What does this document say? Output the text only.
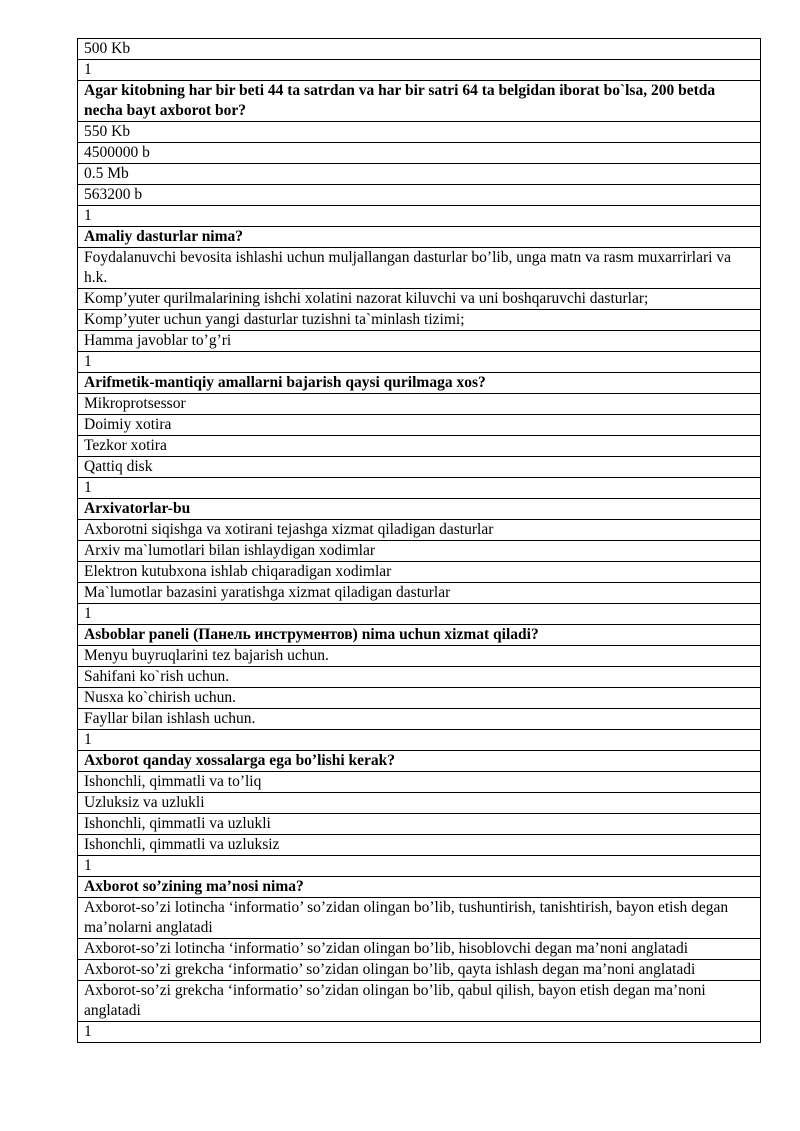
500 Kb
1
Agar kitobning har bir beti 44 ta satrdan va har bir satri 64 ta belgidan iborat bo`lsa, 200 betda necha bayt axborot bor?
550 Kb
4500000 b
0.5 Mb
563200 b
1
Amaliy dasturlar nima?
Foydalanuvchi bevosita ishlashi uchun muljallangan dasturlar bo’lib, unga matn va rasm muxarrirlari va h.k.
Komp’yuter qurilmalarining ishchi xolatini nazorat kiluvchi va uni boshqaruvchi dasturlar;
Komp’yuter uchun yangi dasturlar tuzishni ta`minlash tizimi;
Hamma javoblar to’g’ri
1
Arifmetik-mantiqiy amallarni bajarish qaysi qurilmaga xos?
Mikroprotsessor
Doimiy xotira
Tezkor xotira
Qattiq disk
1
Arxivatorlar-bu
Axborotni siqishga va xotirani tejashga xizmat qiladigan dasturlar
Arxiv ma`lumotlari bilan ishlaydigan xodimlar
Elektron kutubxona ishlab chiqaradigan xodimlar
Ma`lumotlar bazasini yaratishga xizmat qiladigan dasturlar
1
Asboblar paneli (Панель инструментов) nima uchun xizmat qiladi?
Menyu buyruqlarini tez bajarish uchun.
Sahifani ko`rish uchun.
Nusxa ko`chirish uchun.
Fayllar bilan ishlash uchun.
1
Axborot qanday xossalarga ega bo’lishi kerak?
Ishonchli, qimmatli va to’liq
Uzluksiz va uzlukli
Ishonchli, qimmatli va uzlukli
Ishonchli, qimmatli va uzluksiz
1
Axborot so’zining ma’nosi nima?
Axborot-so’zi lotincha ‘informatio’ so’zidan olingan bo’lib, tushuntirish, tanishtirish, bayon etish degan ma’nolarni anglatadi
Axborot-so’zi lotincha ‘informatio’ so’zidan olingan bo’lib, hisoblovchi degan ma’noni anglatadi
Axborot-so’zi grekcha ‘informatio’ so’zidan olingan bo’lib, qayta ishlash degan ma’noni anglatadi
Axborot-so’zi grekcha ‘informatio’ so’zidan olingan bo’lib, qabul qilish, bayon etish degan ma’noni anglatadi
1
